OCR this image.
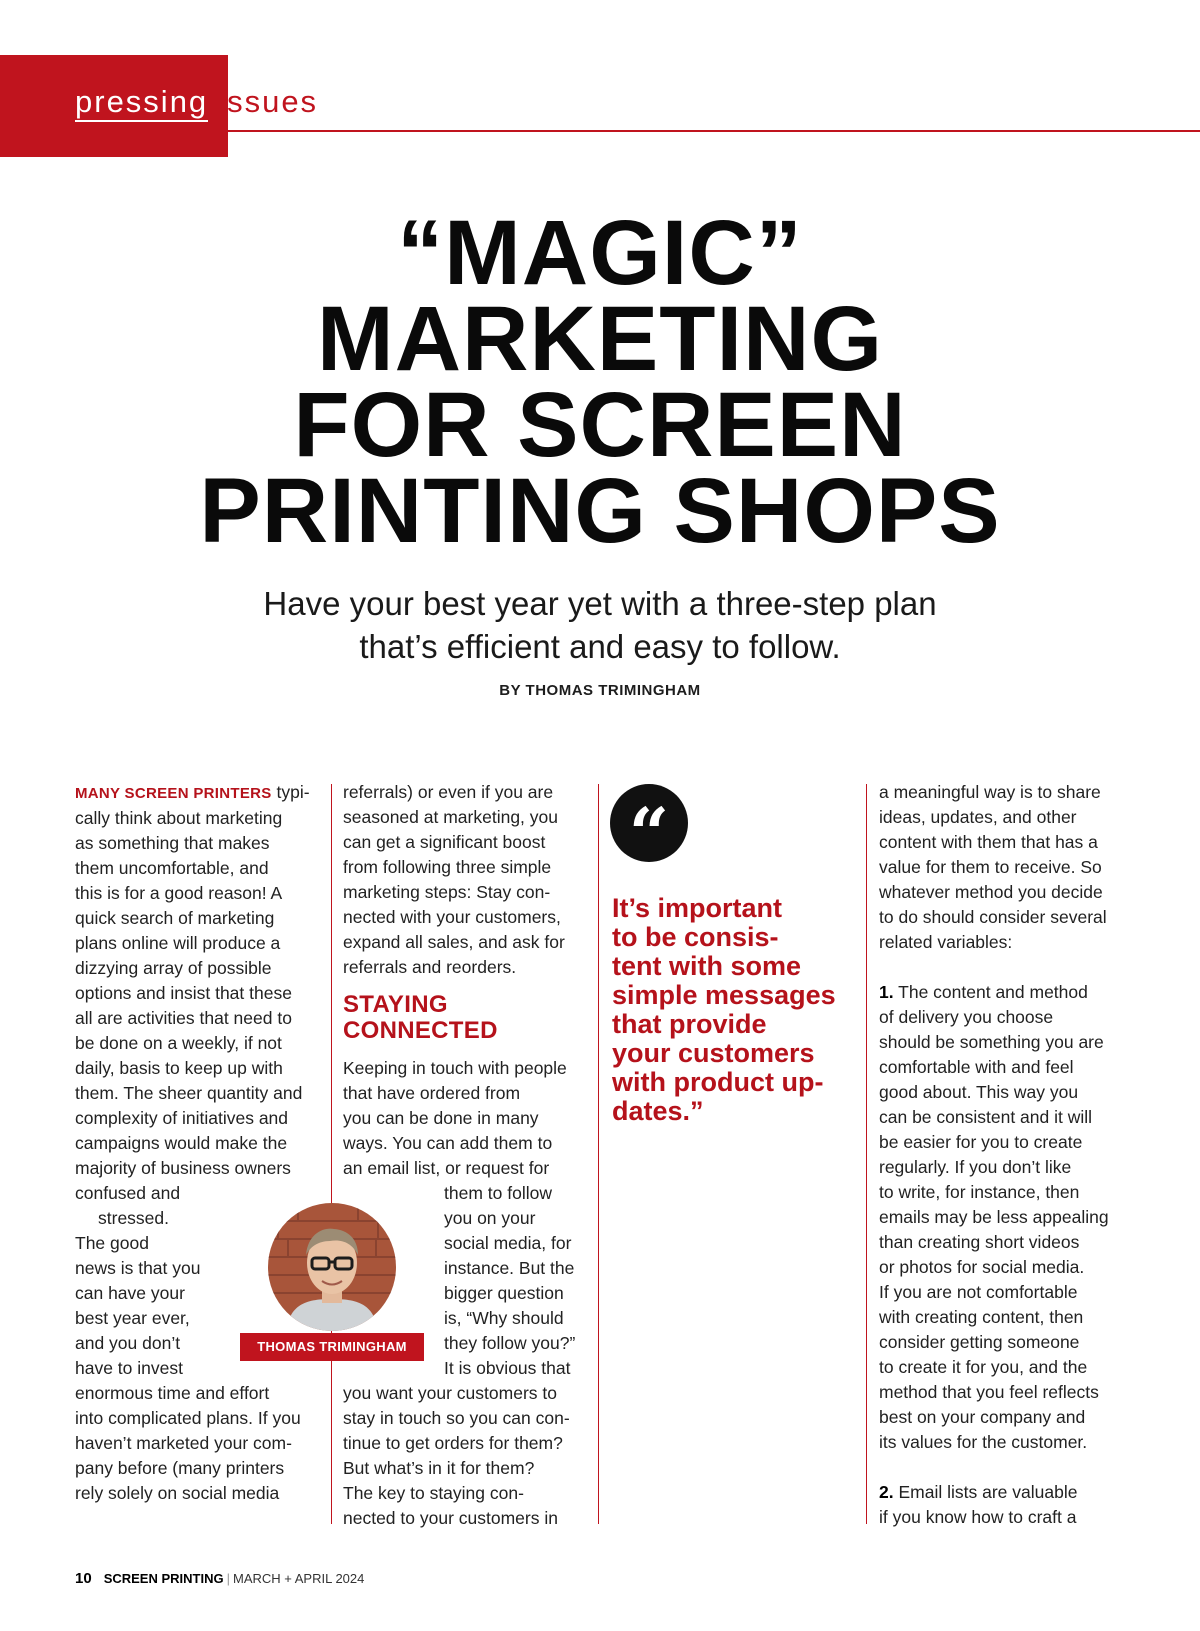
pressing issues
“MAGIC”
MARKETING
FOR SCREEN
PRINTING SHOPS
Have your best year yet with a three-step plan
that’s efficient and easy to follow.
BY THOMAS TRIMINGHAM
MANY SCREEN PRINTERS typi-
cally think about marketing
as something that makes
them uncomfortable, and
this is for a good reason! A
quick search of marketing
plans online will produce a
dizzying array of possible
options and insist that these
all are activities that need to
be done on a weekly, if not
daily, basis to keep up with
them. The sheer quantity and
complexity of initiatives and
campaigns would make the
majority of business owners
confused and
stressed.
The good
news is that you
can have your
best year ever,
and you don’t
have to invest
enormous time and effort
into complicated plans. If you
haven’t marketed your com-
pany before (many printers
rely solely on social media
referrals) or even if you are
seasoned at marketing, you
can get a significant boost
from following three simple
marketing steps: Stay con-
nected with your customers,
expand all sales, and ask for
referrals and reorders.
STAYING
CONNECTED
Keeping in touch with people
that have ordered from
you can be done in many
ways. You can add them to
an email list, or request for
them to follow
you on your
social media, for
instance. But the
bigger question
is, “Why should
they follow you?”
It is obvious that
you want your customers to
stay in touch so you can con-
tinue to get orders for them?
But what’s in it for them?
The key to staying con-
nected to your customers in
“
It’s important
to be consis-
tent with some
simple messages
that provide
your customers
with product up-
dates.”
a meaningful way is to share
ideas, updates, and other
content with them that has a
value for them to receive. So
whatever method you decide
to do should consider several
related variables:
1. The content and method
of delivery you choose
should be something you are
comfortable with and feel
good about. This way you
can be consistent and it will
be easier for you to create
regularly. If you don’t like
to write, for instance, then
emails may be less appealing
than creating short videos
or photos for social media.
If you are not comfortable
with creating content, then
consider getting someone
to create it for you, and the
method that you feel reflects
best on your company and
its values for the customer.
2. Email lists are valuable
if you know how to craft a
THOMAS TRIMINGHAM
10 SCREEN PRINTING | MARCH + APRIL 2024
